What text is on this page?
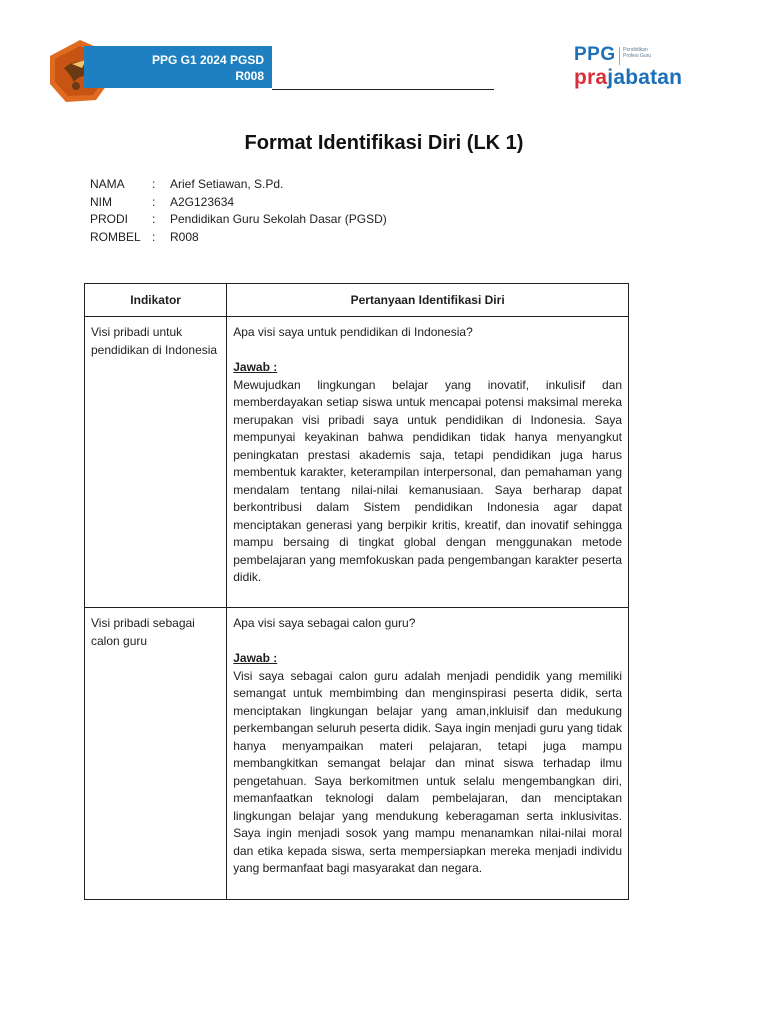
PPG G1 2024 PGSD
R008
PPG Pendidikan Profesi Guru
prajabatan
Format Identifikasi Diri (LK 1)
NAMA	:	Arief Setiawan, S.Pd.
NIM	:	A2G123634
PRODI	:	Pendidikan Guru Sekolah Dasar (PGSD)
ROMBEL :	R008
Indikator	Pertanyaan Identifikasi Diri
Visi pribadi untuk pendidikan di Indonesia	Apa visi saya untuk pendidikan di Indonesia?
Jawab :
Mewujudkan lingkungan belajar yang inovatif, inkulisif dan memberdayakan setiap siswa untuk mencapai potensi maksimal mereka merupakan visi pribadi saya untuk pendidikan di Indonesia. Saya mempunyai keyakinan bahwa pendidikan tidak hanya menyangkut peningkatan prestasi akademis saja, tetapi pendidikan juga harus membentuk karakter, keterampilan interpersonal, dan pemahaman yang mendalam tentang nilai-nilai kemanusiaan. Saya berharap dapat berkontribusi dalam Sistem pendidikan Indonesia agar dapat menciptakan generasi yang berpikir kritis, kreatif, dan inovatif sehingga mampu bersaing di tingkat global dengan menggunakan metode pembelajaran yang memfokuskan pada pengembangan karakter peserta didik.

Visi pribadi sebagai calon guru	Apa visi saya sebagai calon guru?
Jawab :
Visi saya sebagai calon guru adalah menjadi pendidik yang memiliki semangat untuk membimbing dan menginspirasi peserta didik, serta menciptakan lingkungan belajar yang aman,inkluisif dan medukung perkembangan seluruh peserta didik. Saya ingin menjadi guru yang tidak hanya menyampaikan materi pelajaran, tetapi juga mampu membangkitkan semangat belajar dan minat siswa terhadap ilmu pengetahuan. Saya berkomitmen untuk selalu mengembangkan diri, memanfaatkan teknologi dalam pembelajaran, dan menciptakan lingkungan belajar yang mendukung keberagaman serta inklusivitas. Saya ingin menjadi sosok yang mampu menanamkan nilai-nilai moral dan etika kepada siswa, serta mempersiapkan mereka menjadi individu yang bermanfaat bagi masyarakat dan negara.
